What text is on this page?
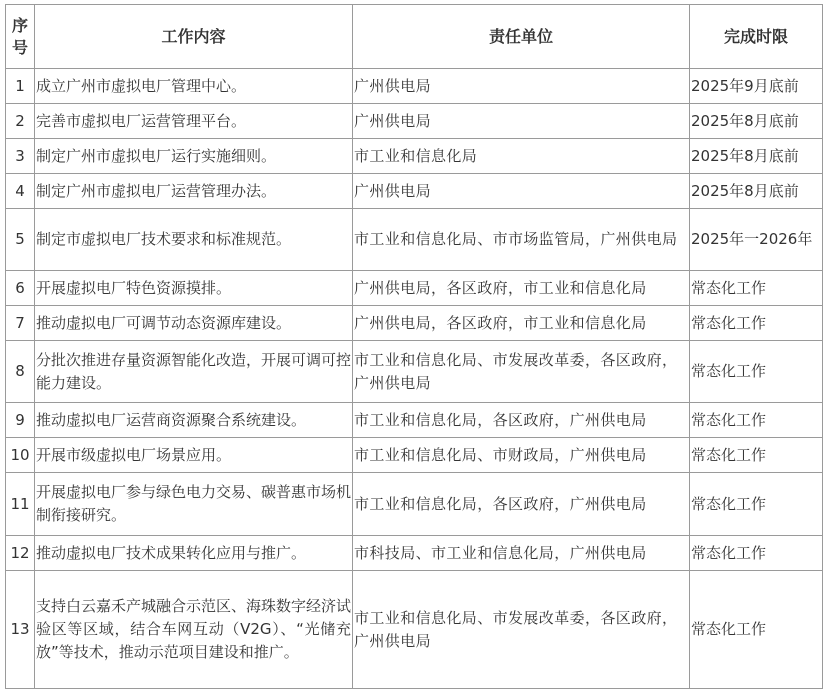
序号	工作内容	责任单位	完成时限
1	成立广州市虚拟电厂管理中心。	广州供电局	2025年9月底前
2	完善市虚拟电厂运营管理平台。	广州供电局	2025年8月底前
3	制定广州市虚拟电厂运行实施细则。	市工业和信息化局	2025年8月底前
4	制定广州市虚拟电厂运营管理办法。	广州供电局	2025年8月底前
5	制定市虚拟电厂技术要求和标准规范。	市工业和信息化局、市市场监管局，广州供电局	2025年一2026年
6	开展虚拟电厂特色资源摸排。	广州供电局，各区政府，市工业和信息化局	常态化工作
7	推动虚拟电厂可调节动态资源库建设。	广州供电局，各区政府，市工业和信息化局	常态化工作
8	分批次推进存量资源智能化改造，开展可调可控能力建设。	市工业和信息化局、市发展改革委，各区政府，广州供电局	常态化工作
9	推动虚拟电厂运营商资源聚合系统建设。	市工业和信息化局，各区政府，广州供电局	常态化工作
10	开展市级虚拟电厂场景应用。	市工业和信息化局、市财政局，广州供电局	常态化工作
11	开展虚拟电厂参与绿色电力交易、碳普惠市场机制衔接研究。	市工业和信息化局，各区政府，广州供电局	常态化工作
12	推动虚拟电厂技术成果转化应用与推广。	市科技局、市工业和信息化局，广州供电局	常态化工作
13	支持白云嘉禾产城融合示范区、海珠数字经济试验区等区域，结合车网互动（V2G）、“光储充放”等技术，推动示范项目建设和推广。	市工业和信息化局、市发展改革委，各区政府，广州供电局	常态化工作
